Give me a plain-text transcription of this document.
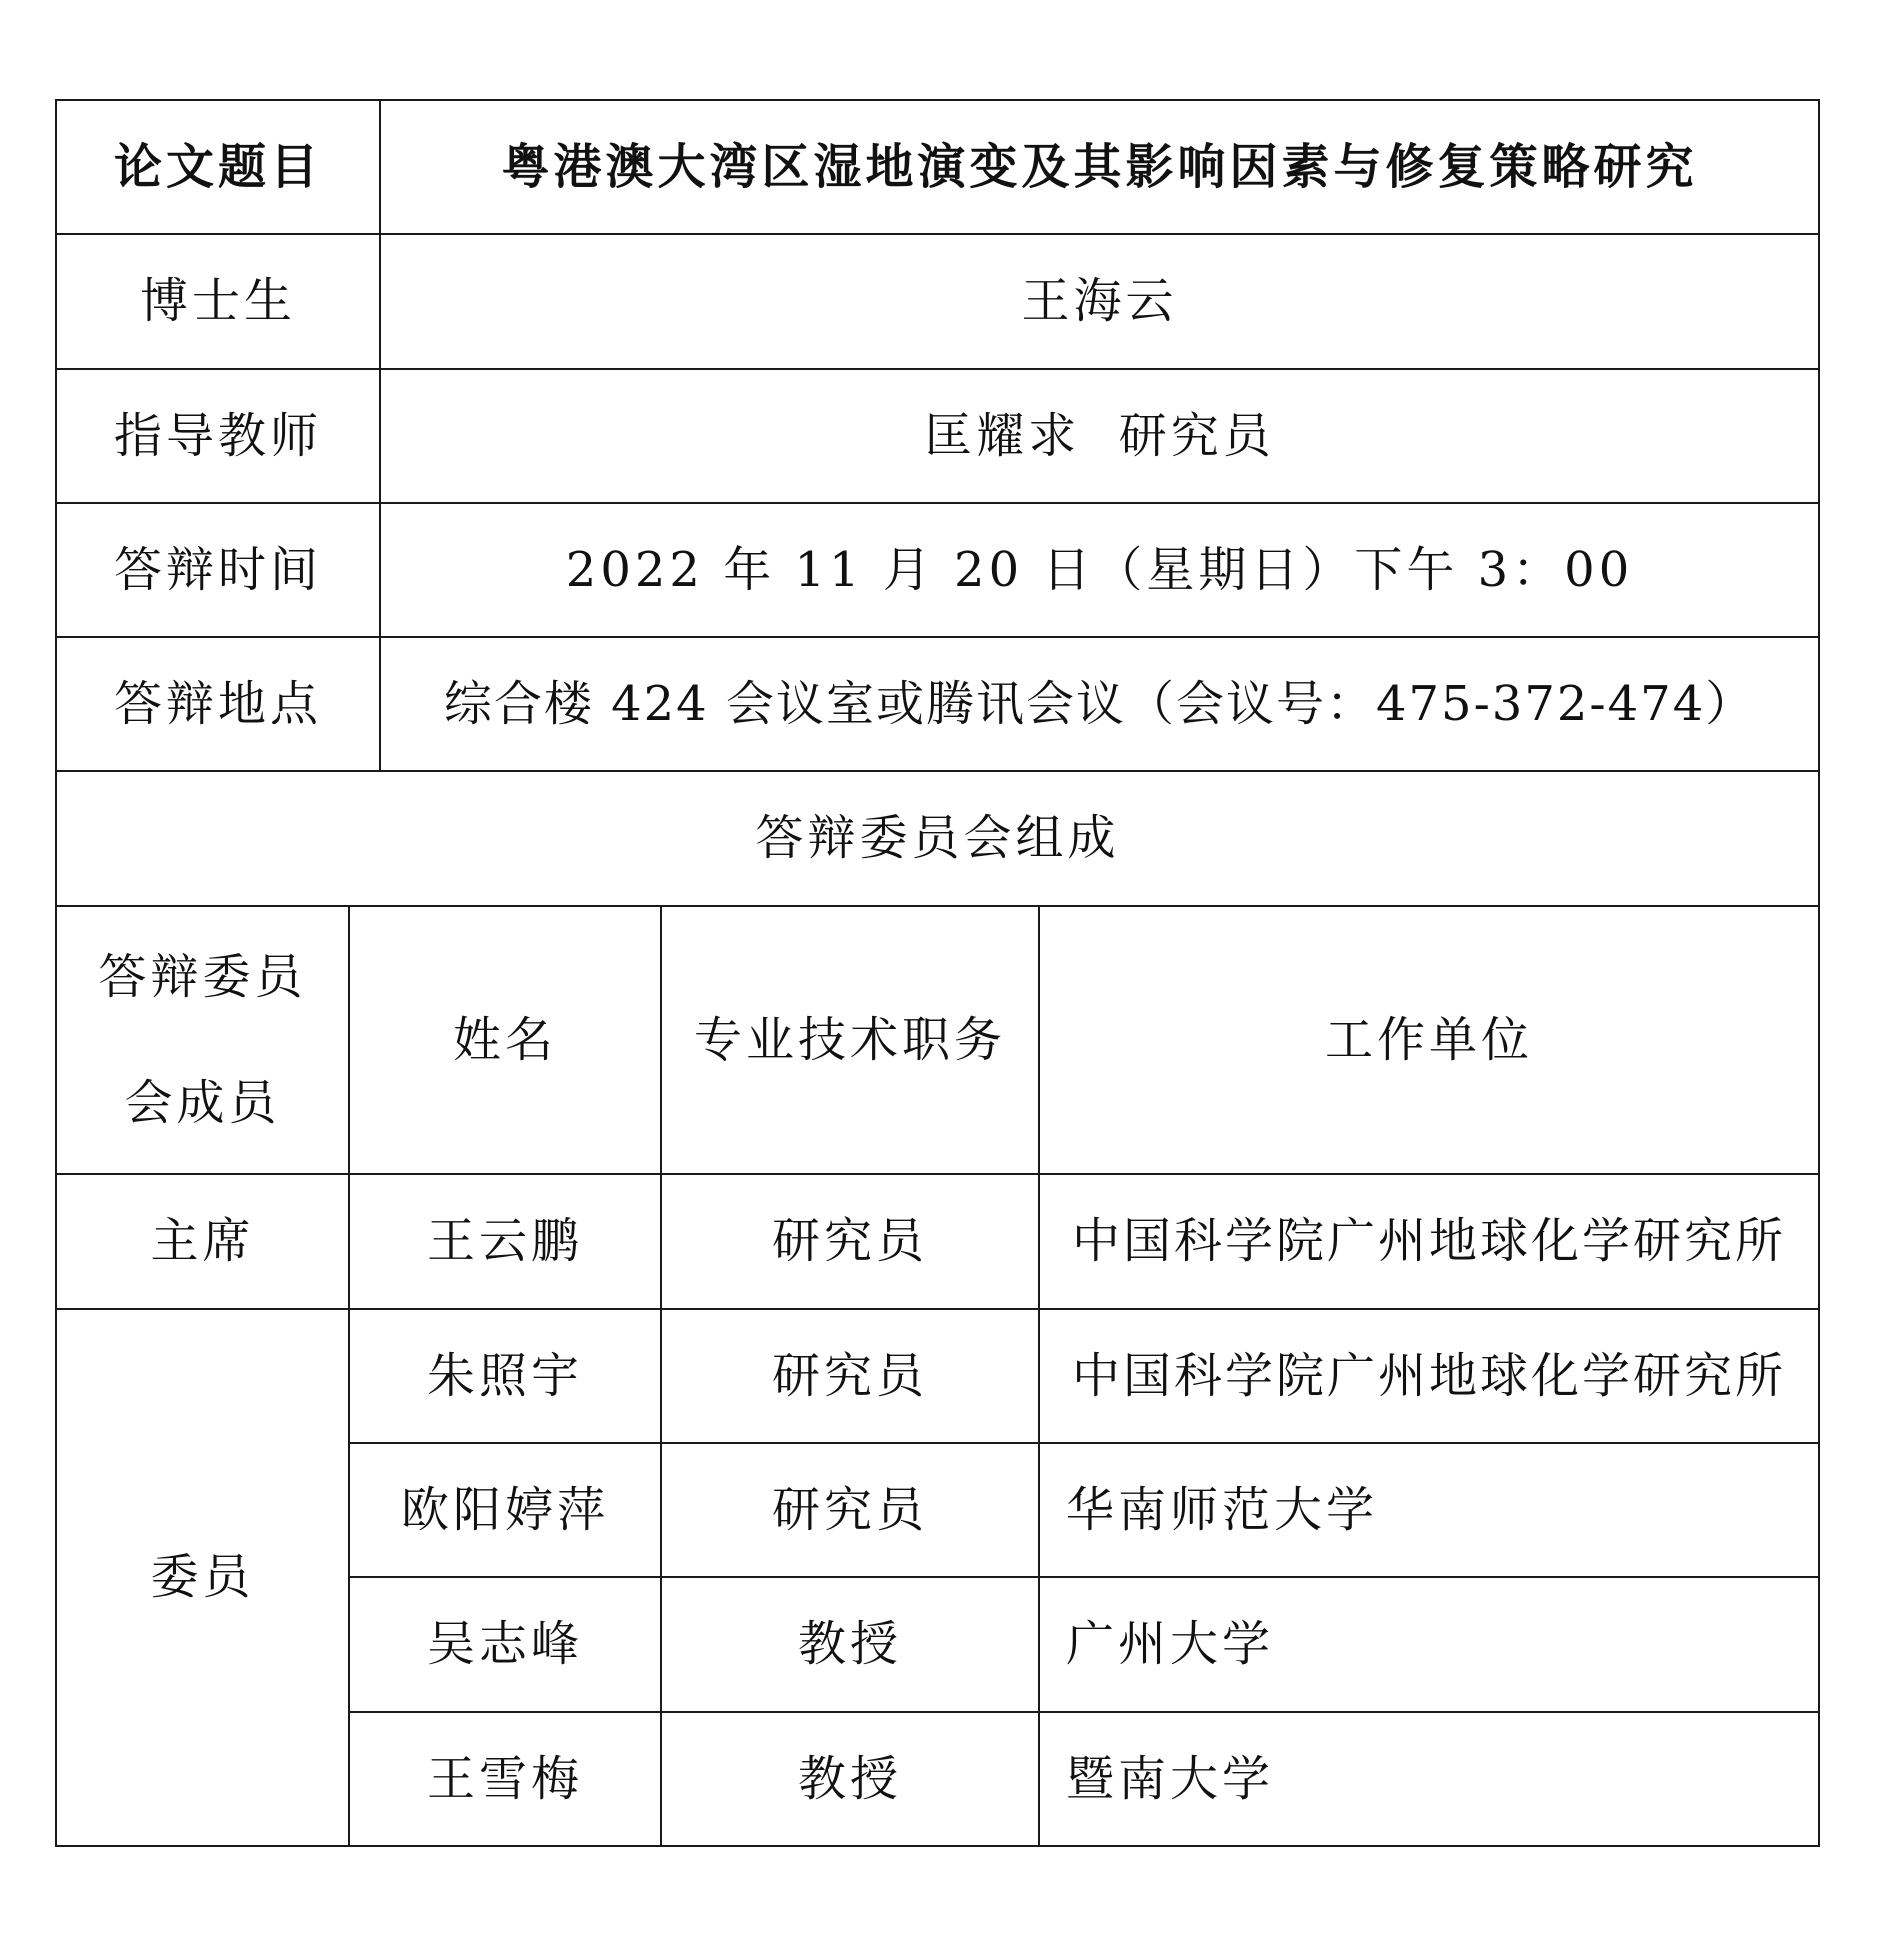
论文题目		粤港澳大湾区湿地演变及其影响因素与修复策略研究		
博士生		王海云		
指导教师		匡耀求  研究员		
答辩时间		2022 年 11 月 20 日（星期日）下午 3：00		
答辩地点		综合楼 424 会议室或腾讯会议（会议号：475-372-474）		
答辩委员会组成				

答辩委员
会成员	姓名		专业技术职务	工作单位
主席	王云鹏		研究员	中国科学院广州地球化学研究所
委员	朱照宇		研究员	中国科学院广州地球化学研究所
	欧阳婷萍		研究员	华南师范大学
	吴志峰		教授	广州大学
	王雪梅		教授	暨南大学
